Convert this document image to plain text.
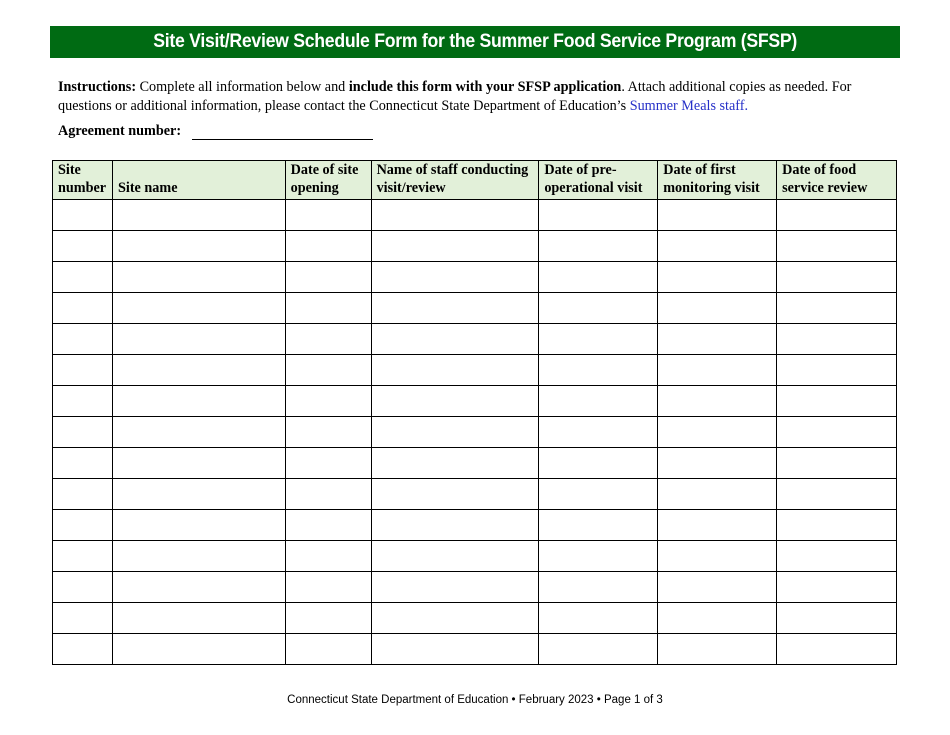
Site Visit/Review Schedule Form for the Summer Food Service Program (SFSP)
Instructions: Complete all information below and include this form with your SFSP application. Attach additional copies as needed. For questions or additional information, please contact the Connecticut State Department of Education’s Summer Meals staff.
Agreement number:
Site number	Site name	Date of site opening	Name of staff conducting visit/review	Date of pre-operational visit	Date of first monitoring visit	Date of food service review

Connecticut State Department of Education • February 2023 • Page 1 of 3
